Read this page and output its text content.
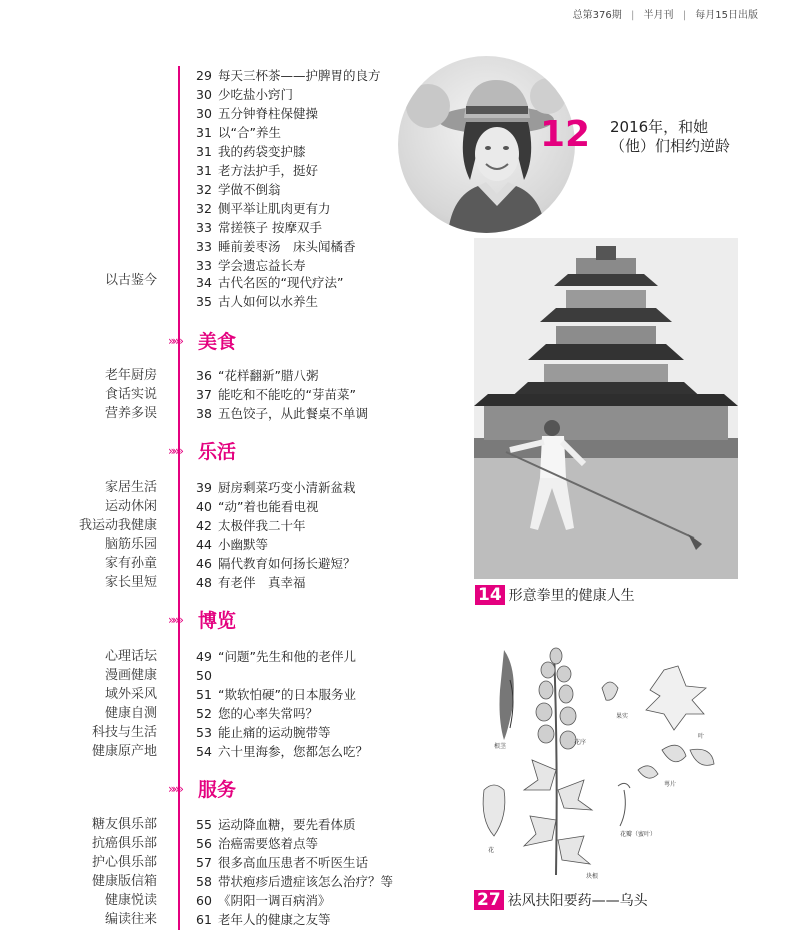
总第376期 | 半月刊 | 每月15日出版
以古鉴今
29 每天三杯茶——护脾胃的良方
30 少吃盐小窍门
30 五分钟脊柱保健操
31 以“合”养生
31 我的药袋变护膝
31 老方法护手，挺好
32 学做不倒翁
32 侧平举让肌肉更有力
33 常搓筷子 按摩双手
33 睡前姜枣汤　床头闻橘香
33 学会遗忘益长寿
34 古代名医的“现代疗法”
35 古人如何以水养生
»»» 美食
老年厨房
食话实说
营养多误
36 “花样翻新”腊八粥
37 能吃和不能吃的“芽苗菜”
38 五色饺子，从此餐桌不单调
»»» 乐活
家居生活
运动休闲
我运动我健康
脑筋乐园
家有孙童
家长里短
39 厨房剩菜巧变小清新盆栽
40 “动”着也能看电视
42 太极伴我二十年
44 小幽默等
46 隔代教育如何扬长避短？
48 有老伴　真幸福
»»» 博览
心理话坛
漫画健康
域外采风
健康自测
科技与生活
健康原产地
49 “问题”先生和他的老伴儿
50
51 “欺软怕硬”的日本服务业
52 您的心率失常吗？
53 能止痛的运动腕带等
54 六十里海参，您都怎么吃？
»»» 服务
糖友俱乐部
抗癌俱乐部
护心俱乐部
健康版信箱
健康悦读
编读往来
55 运动降血糖，要先看体质
56 治癌需要悠着点等
57 很多高血压患者不听医生话
58 带状疱疹后遗症该怎么治疗？等
60 《阴阳一调百病消》
61 老年人的健康之友等
12 2016年，和她
（他）们相约逆龄
14 形意拳里的健康人生
根茎
花序
叶
果实
萼片
花瓣（蜜叶）
花
块根
27 祛风扶阳要药——乌头
